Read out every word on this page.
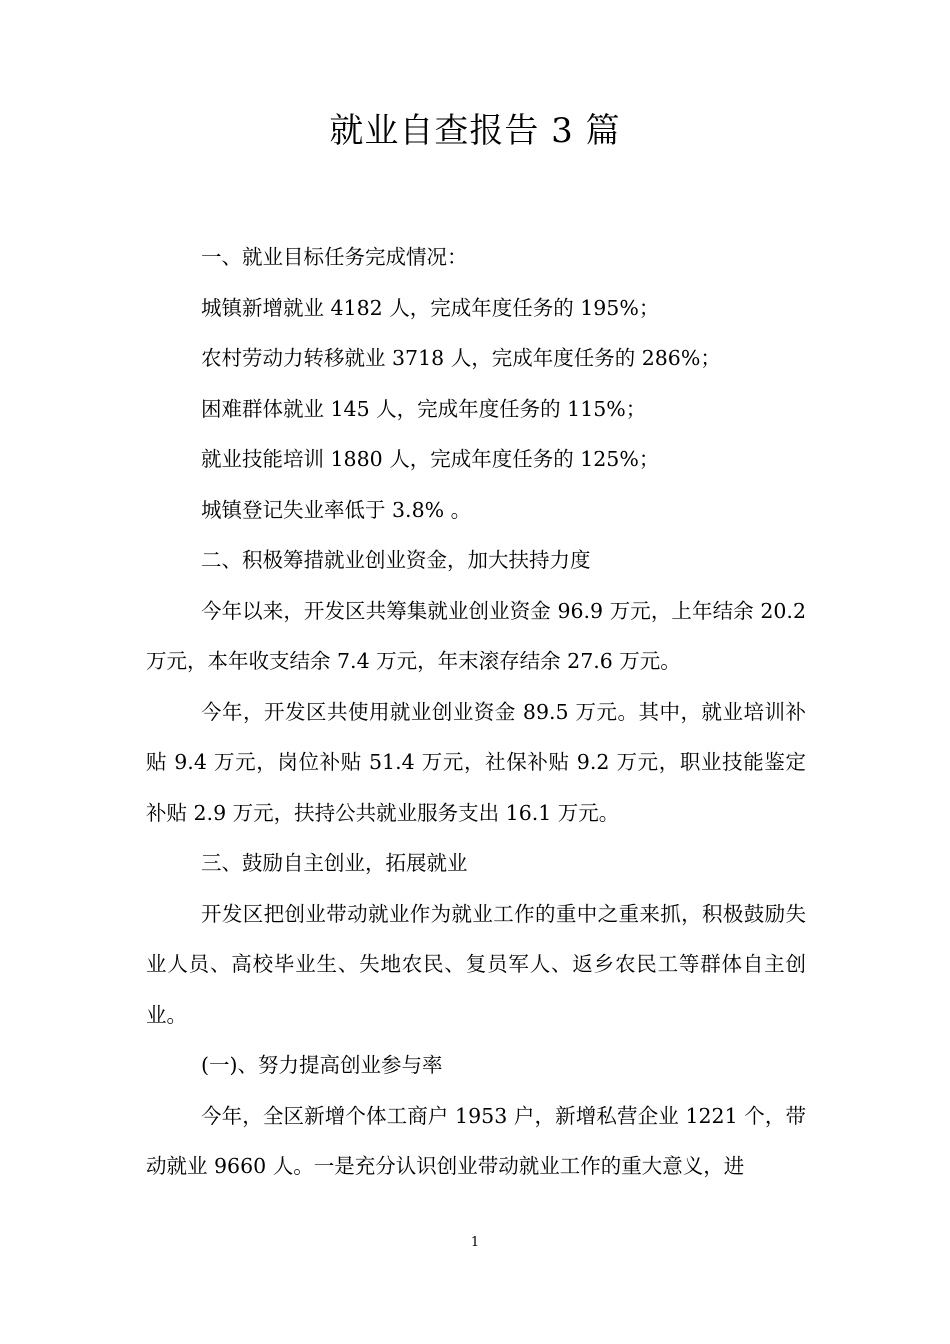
就业自查报告 3 篇

一、就业目标任务完成情况：

城镇新增就业 4182 人，完成年度任务的 195%；

农村劳动力转移就业 3718 人，完成年度任务的 286%；

困难群体就业 145 人，完成年度任务的 115%；

就业技能培训 1880 人，完成年度任务的 125%；

城镇登记失业率低于 3.8% 。

二、积极筹措就业创业资金，加大扶持力度

今年以来，开发区共筹集就业创业资金 96.9 万元，上年结余 20.2 万元，本年收支结余 7.4 万元，年末滚存结余 27.6 万元。

今年，开发区共使用就业创业资金 89.5 万元。其中，就业培训补贴 9.4 万元，岗位补贴 51.4 万元，社保补贴 9.2 万元，职业技能鉴定补贴 2.9 万元，扶持公共就业服务支出 16.1 万元。

三、鼓励自主创业，拓展就业

开发区把创业带动就业作为就业工作的重中之重来抓，积极鼓励失业人员、高校毕业生、失地农民、复员军人、返乡农民工等群体自主创业。

(一)、努力提高创业参与率

今年，全区新增个体工商户 1953 户，新增私营企业 1221 个，带动就业 9660 人。一是充分认识创业带动就业工作的重大意义，进

1
